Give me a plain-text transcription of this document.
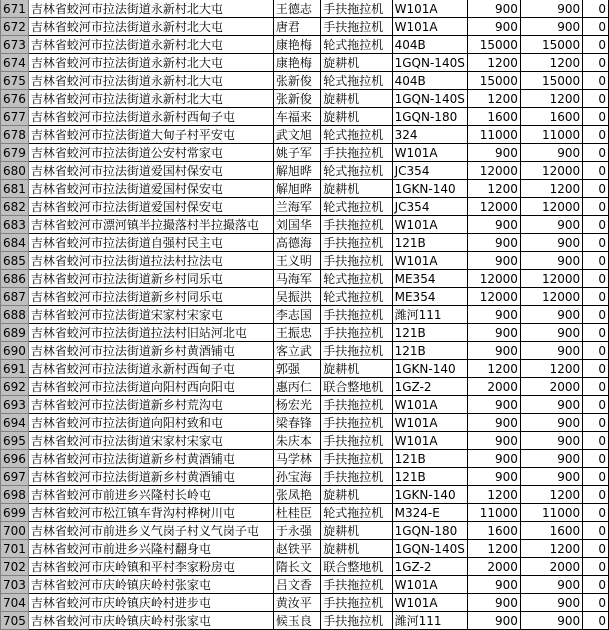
671	吉林省蛟河市拉法街道永新村北大屯	王德志	手扶拖拉机	W101A	900	900	0
672	吉林省蛟河市拉法街道永新村北大屯	唐君	手扶拖拉机	W101A	900	900	0
673	吉林省蛟河市拉法街道永新村北大屯	康艳梅	轮式拖拉机	404B	15000	15000	0
674	吉林省蛟河市拉法街道永新村北大屯	康艳梅	旋耕机	1GQN-140S	1200	1200	0
675	吉林省蛟河市拉法街道永新村北大屯	张新俊	轮式拖拉机	404B	15000	15000	0
676	吉林省蛟河市拉法街道永新村北大屯	张新俊	旋耕机	1GQN-140S	1200	1200	0
677	吉林省蛟河市拉法街道永新村西甸子屯	车福来	旋耕机	1GQN-180	1600	1600	0
678	吉林省蛟河市拉法街道大甸子村平安屯	武文旭	轮式拖拉机	324	11000	11000	0
679	吉林省蛟河市拉法街道公安村常家屯	姚子军	手扶拖拉机	W101A	900	900	0
680	吉林省蛟河市拉法街道爱国村保安屯	解旭晔	轮式拖拉机	JC354	12000	12000	0
681	吉林省蛟河市拉法街道爱国村保安屯	解旭晔	旋耕机	1GKN-140	1200	1200	0
682	吉林省蛟河市拉法街道爱国村保安屯	兰海军	轮式拖拉机	JC354	12000	12000	0
683	吉林省蛟河市漂河镇半拉撮落村半拉撮落屯	刘国华	手扶拖拉机	W101A	900	900	0
684	吉林省蛟河市拉法街道自强村民主屯	高德海	手扶拖拉机	121B	900	900	0
685	吉林省蛟河市拉法街道拉法村拉法屯	王义明	手扶拖拉机	W101A	900	900	0
686	吉林省蛟河市拉法街道新乡村同乐屯	马海军	轮式拖拉机	ME354	12000	12000	0
687	吉林省蛟河市拉法街道新乡村同乐屯	吴振洪	轮式拖拉机	ME354	12000	12000	0
688	吉林省蛟河市拉法街道宋家村宋家屯	李志国	手扶拖拉机	潍河111	900	900	0
689	吉林省蛟河市拉法街道拉法村旧站河北屯	王振忠	手扶拖拉机	121B	900	900	0
690	吉林省蛟河市拉法街道新乡村黄酒铺屯	客立武	手扶拖拉机	121B	900	900	0
691	吉林省蛟河市拉法街道永新村西甸子屯	郭强	旋耕机	1GKN-140	1200	1200	0
692	吉林省蛟河市拉法街道向阳村西向阳屯	惠丙仁	联合整地机	1GZ-2	2000	2000	0
693	吉林省蛟河市拉法街道新乡村荒沟屯	杨宏光	手扶拖拉机	W101A	900	900	0
694	吉林省蛟河市拉法街道向阳村致和屯	梁春锋	手扶拖拉机	W101A	900	900	0
695	吉林省蛟河市拉法街道宋家村宋家屯	朱庆本	手扶拖拉机	W101A	900	900	0
696	吉林省蛟河市拉法街道新乡村黄酒铺屯	马学林	手扶拖拉机	121B	900	900	0
697	吉林省蛟河市拉法街道新乡村黄酒铺屯	孙宝海	手扶拖拉机	121B	900	900	0
698	吉林省蛟河市前进乡兴隆村长岭屯	张凤艳	旋耕机	1GKN-140	1200	1200	0
699	吉林省蛟河市松江镇车背沟村桦树川屯	杜桂臣	轮式拖拉机	M324-E	11000	11000	0
700	吉林省蛟河市前进乡义气岗子村义气岗子屯	于永强	旋耕机	1GQN-180	1600	1600	0
701	吉林省蛟河市前进乡兴隆村翻身屯	赵铁平	旋耕机	1GQN-140S	1200	1200	0
702	吉林省蛟河市庆岭镇和平村李家粉房屯	隋长文	联合整地机	1GZ-2	2000	2000	0
703	吉林省蛟河市庆岭镇庆岭村张家屯	吕文香	手扶拖拉机	W101A	900	900	0
704	吉林省蛟河市庆岭镇庆岭村进步屯	黄汝平	手扶拖拉机	W101A	900	900	0
705	吉林省蛟河市庆岭镇庆岭村张家屯	候玉良	手扶拖拉机	潍河111	900	900	0
